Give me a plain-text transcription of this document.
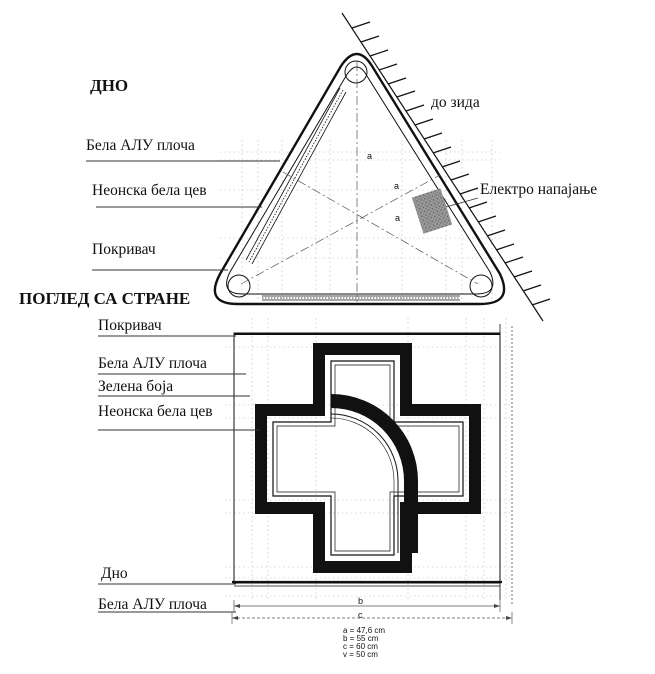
ДНО
ПОГЛЕД СА СТРАНЕ
Бела АЛУ плоча
Неонска бела цев
Покривач
до зида
Електро напајање
Покривач
Бела АЛУ плоча
Зелена боја
Неонска бела цев
Дно
Бела АЛУ плоча
a
a
a
b
c
a = 47,6 cm
b = 55 cm
c = 60 cm
v = 50 cm
